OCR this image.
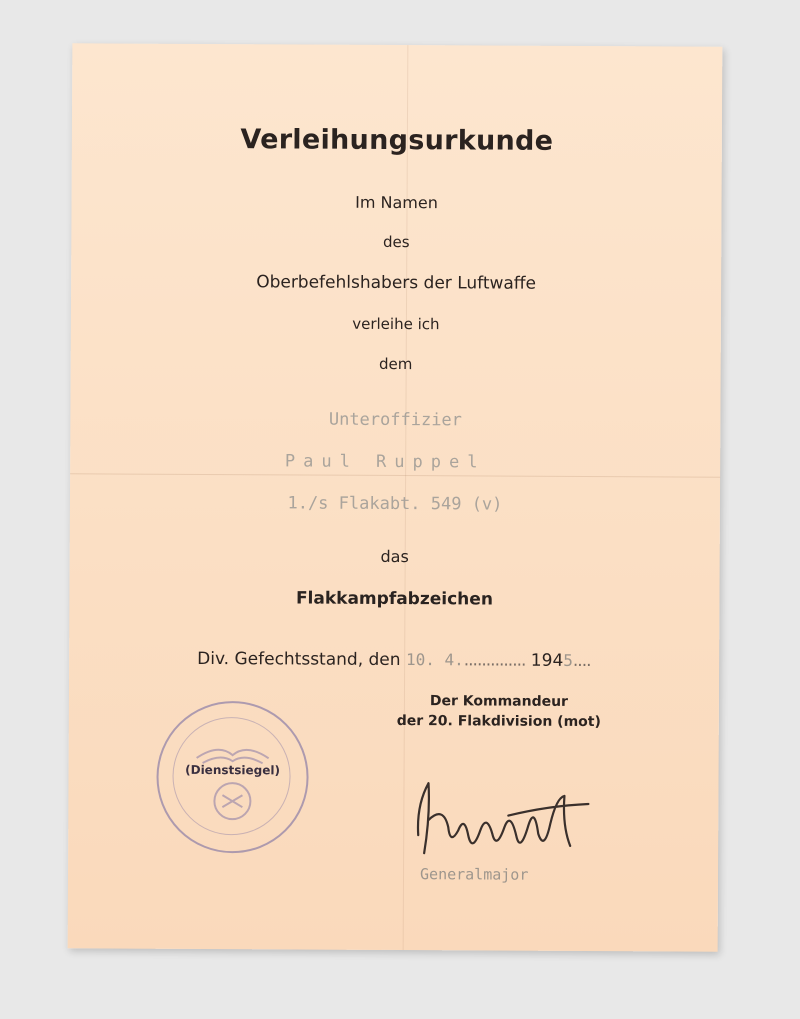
Verleihungsurkunde
Im Namen
des
Oberbefehlshabers der Luftwaffe
verleihe ich
dem
Unteroffizier
Paul Ruppel
1./s Flakabt. 549 (v)
das
Flakkampfabzeichen
Div. Gefechtsstand, den 10. 4............... 1945....
Der Kommandeur
der 20. Flakdivision (mot)
(Dienstsiegel)
Generalmajor
